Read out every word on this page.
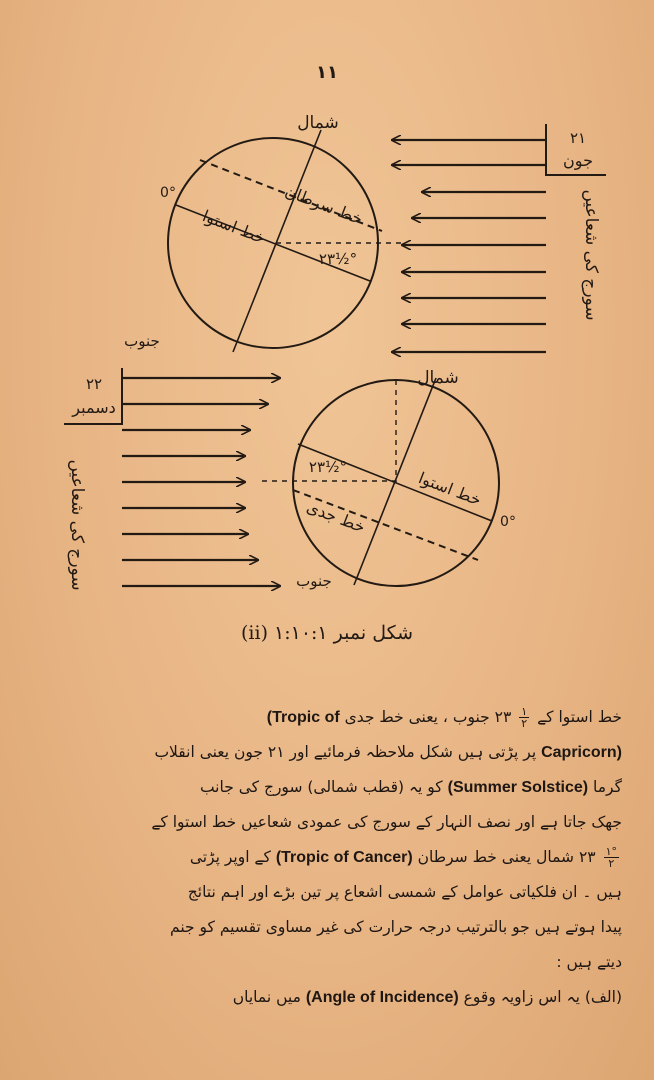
۱۱
شمال
جنوب
خط سرطان
خط استوا
۲۳½°
0°
۲۱
جون
سورج کی شعاعیں
شمال
جنوب
خط استوا
خط جدی
۲۳½°
0°
۲۲
دسمبر
سورج کی شعاعیں
شکل نمبر ۱:۱۰:۱ (ii)

خط استوا کے
$\frac{۱}{۲}$
۲۳ جنوب ، یعنی خط جدی (Tropic of

Capricorn) پر پڑتی ہیں شکل ملاحظہ فرمائیے اور ۲۱ جون یعنی انقلاب

گرما (Summer Solstice) کو یہ (قطب شمالی) سورج کی جانب

جھک جاتا ہے اور نصف النہار کے سورج کی عمودی شعاعیں خط استوا کے

$\frac{۱^\circ}{۲}$
۲۳ شمال یعنی خط سرطان (Tropic of Cancer) کے اوپر پڑتی

ہیں ۔ ان فلکیاتی عوامل کے شمسی اشعاع پر تین بڑے اور اہم نتائج

پیدا ہوتے ہیں جو بالترتیب درجہ حرارت کی غیر مساوی تقسیم کو جنم

دیتے ہیں :

(الف) یہ اس زاویہ وقوع (Angle of Incidence) میں نمایاں
